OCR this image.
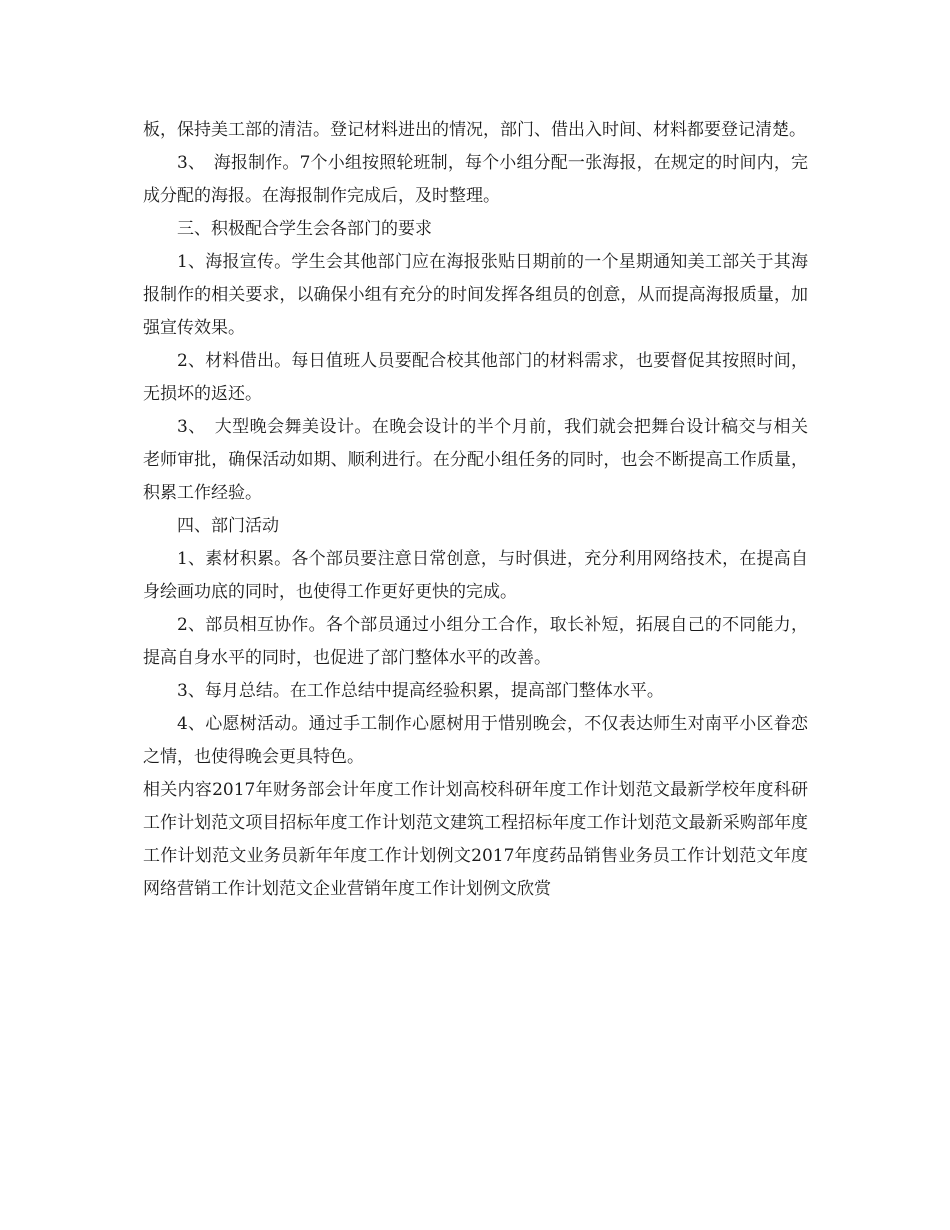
板，保持美工部的清洁。登记材料进出的情况，部门、借出入时间、材料都要登记清楚。

3、　海报制作。7个小组按照轮班制，每个小组分配一张海报，在规定的时间内，完成分配的海报。在海报制作完成后，及时整理。

三、积极配合学生会各部门的要求

1、海报宣传。学生会其他部门应在海报张贴日期前的一个星期通知美工部关于其海报制作的相关要求，以确保小组有充分的时间发挥各组员的创意，从而提高海报质量，加强宣传效果。

2、材料借出。每日值班人员要配合校其他部门的材料需求，也要督促其按照时间，无损坏的返还。

3、　大型晚会舞美设计。在晚会设计的半个月前，我们就会把舞台设计稿交与相关老师审批，确保活动如期、顺利进行。在分配小组任务的同时，也会不断提高工作质量，积累工作经验。

四、部门活动

1、素材积累。各个部员要注意日常创意，与时俱进，充分利用网络技术，在提高自身绘画功底的同时，也使得工作更好更快的完成。

2、部员相互协作。各个部员通过小组分工合作，取长补短，拓展自己的不同能力，提高自身水平的同时，也促进了部门整体水平的改善。

3、每月总结。在工作总结中提高经验积累，提高部门整体水平。

4、心愿树活动。通过手工制作心愿树用于惜别晚会，不仅表达师生对南平小区眷恋之情，也使得晚会更具特色。

相关内容2017年财务部会计年度工作计划高校科研年度工作计划范文最新学校年度科研工作计划范文项目招标年度工作计划范文建筑工程招标年度工作计划范文最新采购部年度工作计划范文业务员新年年度工作计划例文2017年度药品销售业务员工作计划范文年度网络营销工作计划范文企业营销年度工作计划例文欣赏
